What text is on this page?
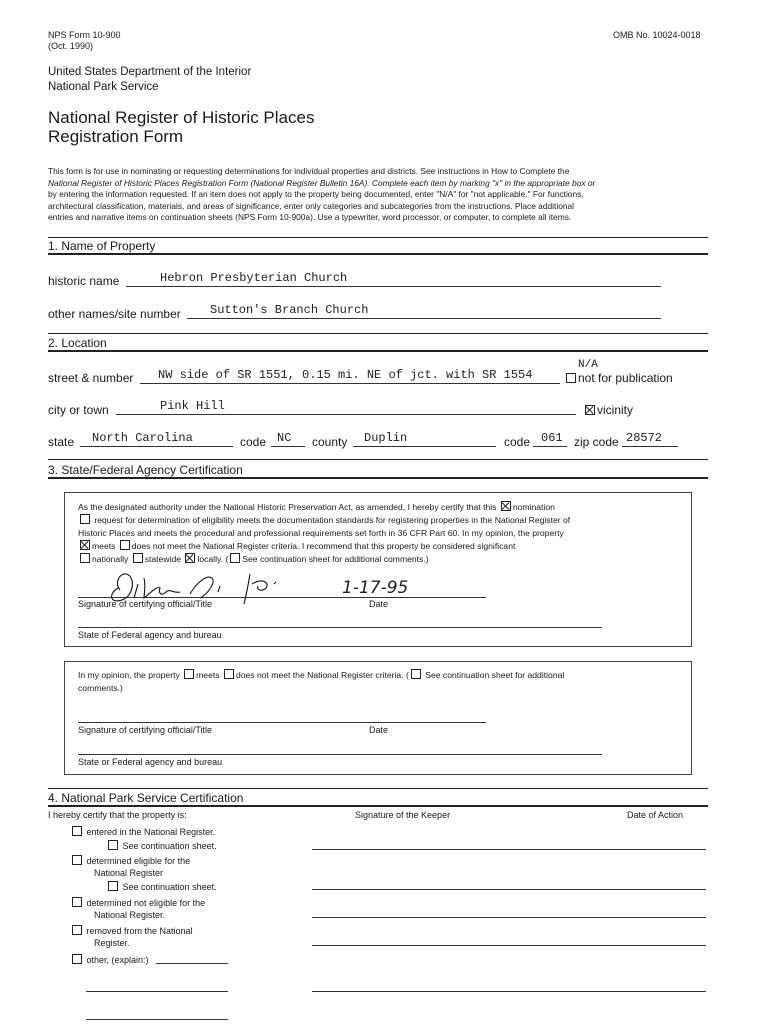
NPS Form 10-900
(Oct. 1990)
OMB No. 10024-0018
United States Department of the Interior
National Park Service
National Register of Historic Places
Registration Form
This form is for use in nominating or requesting determinations for individual properties and districts. See instructions in How to Complete the
National Register of Historic Places Registration Form (National Register Bulletin 16A). Complete each item by marking "x" in the appropriate box or
by entering the information requested. If an item does not apply to the property being documented, enter "N/A" for "not applicable." For functions,
architectural classification, materials, and areas of significance, enter only categories and subcategories from the instructions. Place additional
entries and narrative items on continuation sheets (NPS Form 10-900a). Use a typewriter, word processor, or computer, to complete all items.
1. Name of Property
historic name	Hebron Presbyterian Church
other names/site number Sutton's Branch Church
2. Location
street & number NW side of SR 1551, 0.15 mi. NE of jct. with SR 1554
N/A
not for publication
city or town	Pink Hill	vicinity
state North Carolina	code NC county Duplin	code 061 zip code 28572
3. State/Federal Agency Certification
As the designated authority under the National Historic Preservation Act, as amended, I hereby certify that this nomination
request for determination of eligibility meets the documentation standards for registering properties in the National Register of
Historic Places and meets the procedural and professional requirements set forth in 36 CFR Part 60. In my opinion, the property
meets does not meet the National Register criteria. I recommend that this property be considered significant
nationally statewide locally. ( See continuation sheet for additional comments.)
1-17-95
Signature of certifying official/Title	Date
State of Federal agency and bureau
In my opinion, the property meets does not meet the National Register criteria. ( See continuation sheet for additional
comments.)
Signature of certifying official/Title	Date
State or Federal agency and bureau
4. National Park Service Certification
I hereby certify that the property is:	Signature of the Keeper	Date of Action
entered in the National Register.
See continuation sheet.
determined eligible for the
National Register
See continuation sheet.
determined not eligible for the
National Register.
removed from the National
Register.
other, (explain:)
